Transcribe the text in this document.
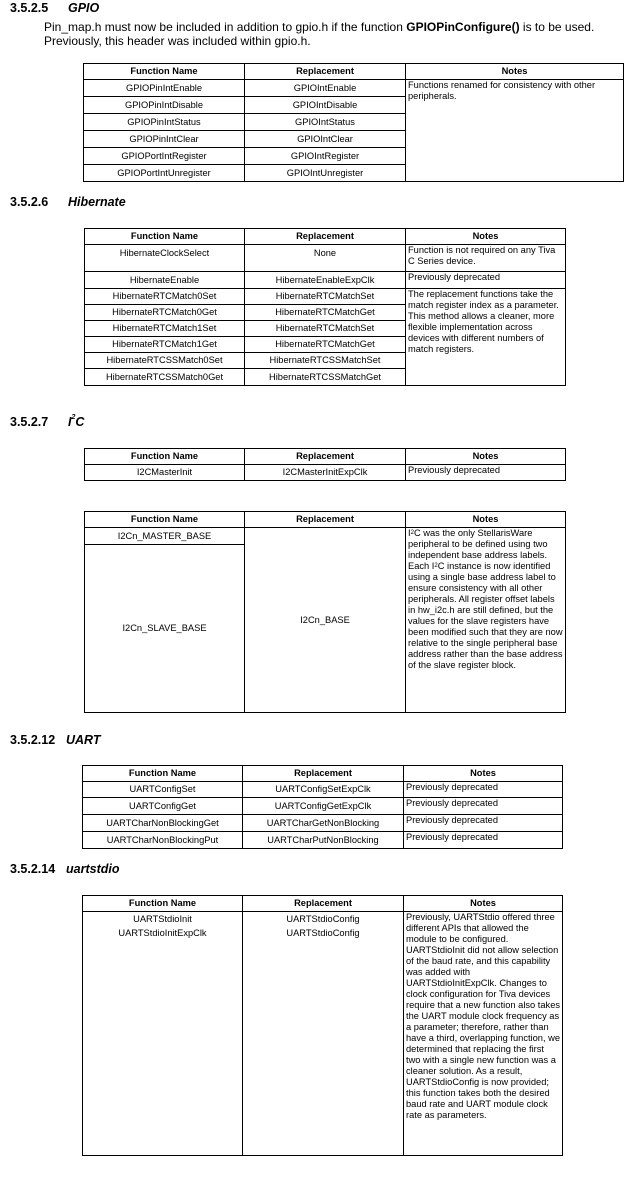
3.5.2.5 GPIO
Pin_map.h must now be included in addition to gpio.h if the function GPIOPinConfigure() is to be used. Previously, this header was included within gpio.h.
Function Name	Replacement	Notes
GPIOPinIntEnable	GPIOIntEnable	Functions renamed for consistency with other peripherals.
GPIOPinIntDisable	GPIOIntDisable	
GPIOPinIntStatus	GPIOIntStatus	
GPIOPinIntClear	GPIOIntClear	
GPIOPortIntRegister	GPIOIntRegister	
GPIOPortIntUnregister	GPIOIntUnregister	
3.5.2.6 Hibernate
Function Name	Replacement	Notes
HibernateClockSelect	None	Function is not required on any Tiva C Series device.
HibernateEnable	HibernateEnableExpClk	Previously deprecated
HibernateRTCMatch0Set	HibernateRTCMatchSet	The replacement functions take the match register index as a parameter. This method allows a cleaner, more flexible implementation across devices with different numbers of match registers.
HibernateRTCMatch0Get	HibernateRTCMatchGet	
HibernateRTCMatch1Set	HibernateRTCMatchSet	
HibernateRTCMatch1Get	HibernateRTCMatchGet	
HibernateRTCSSMatch0Set	HibernateRTCSSMatchSet	
HibernateRTCSSMatch0Get	HibernateRTCSSMatchGet	
3.5.2.7 $I^2C$
Function Name	Replacement	Notes
I2CMasterInit	I2CMasterInitExpClk	Previously deprecated
Function Name	Replacement	Notes
I2Cn_MASTER_BASE	I2Cn_BASE	$I^2C$ was the only StellarisWare peripheral to be defined using two independent base address labels. Each $I^2C$ instance is now identified using a single base address label to ensure consistency with all other peripherals. All register offset labels in hw_i2c.h are still defined, but the values for the slave registers have been modified such that they are now relative to the single peripheral base address rather than the base address of the slave register block.
I2Cn_SLAVE_BASE		
3.5.2.12 UART
Function Name	Replacement	Notes
UARTConfigSet	UARTConfigSetExpClk	Previously deprecated
UARTConfigGet	UARTConfigGetExpClk	Previously deprecated
UARTCharNonBlockingGet	UARTCharGetNonBlocking	Previously deprecated
UARTCharNonBlockingPut	UARTCharPutNonBlocking	Previously deprecated
3.5.2.14 uartstdio
Function Name	Replacement	Notes
UARTStdioInit	UARTStdioConfig	Previously, UARTStdio offered three different APIs that allowed the module to be configured. UARTStdioInit did not allow selection of the baud rate, and this capability was added with UARTStdioInitExpClk. Changes to clock configuration for Tiva devices require that a new function also takes the UART module clock frequency as a parameter; therefore, rather than have a third, overlapping function, we determined that replacing the first two with a single new function was a cleaner solution. As a result, UARTStdioConfig is now provided; this function takes both the desired baud rate and UART module clock rate as parameters.
UARTStdioInitExpClk	UARTStdioConfig	
